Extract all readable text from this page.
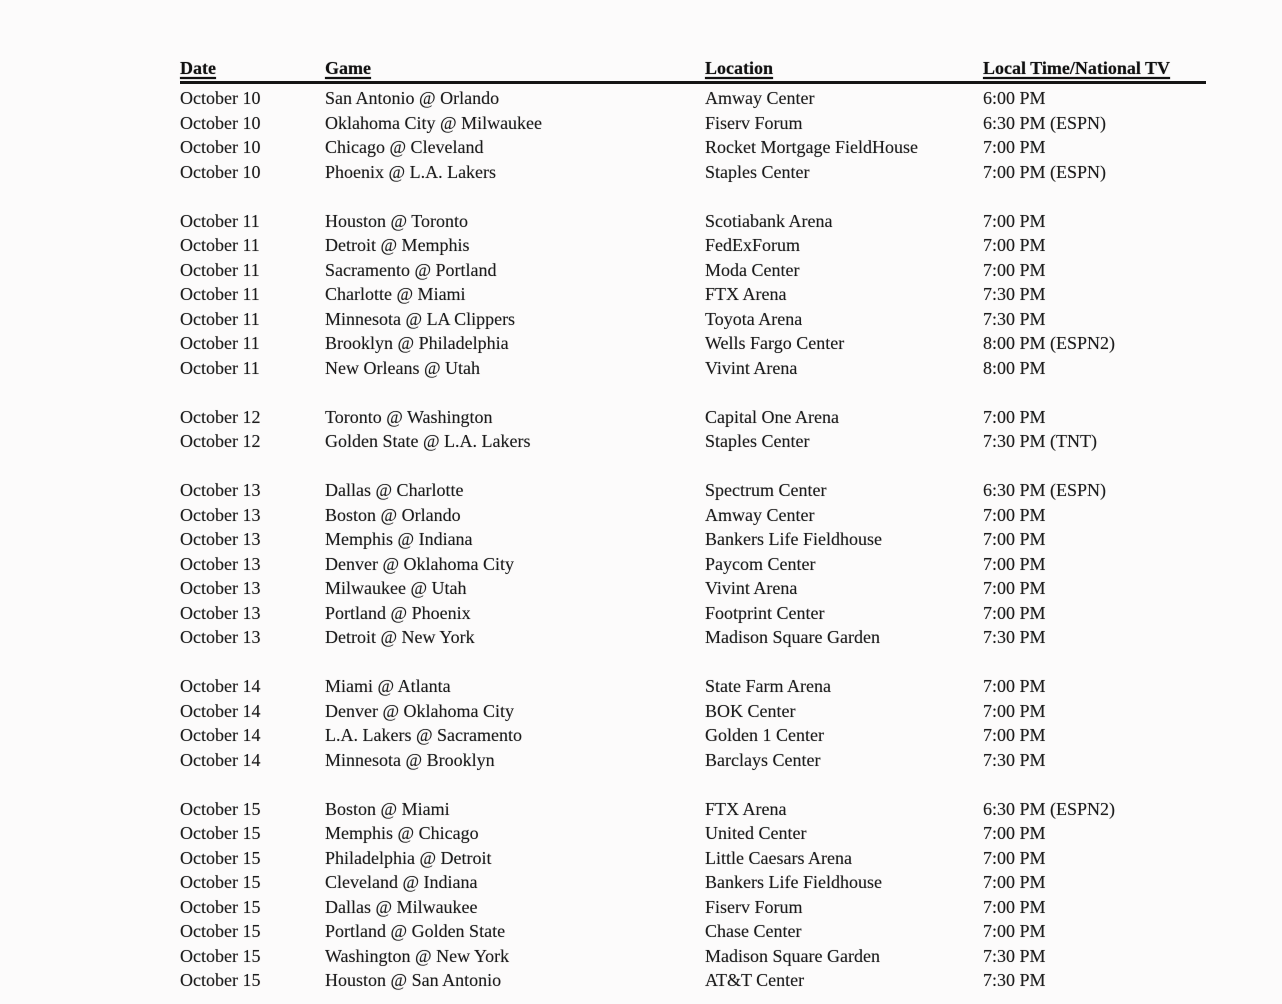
Date	Game	Location	Local Time/National TV
October 10	San Antonio @ Orlando	Amway Center	6:00 PM
October 10	Oklahoma City @ Milwaukee	Fiserv Forum	6:30 PM (ESPN)
October 10	Chicago @ Cleveland	Rocket Mortgage FieldHouse	7:00 PM
October 10	Phoenix @ L.A. Lakers	Staples Center	7:00 PM (ESPN)
October 11	Houston @ Toronto	Scotiabank Arena	7:00 PM
October 11	Detroit @ Memphis	FedExForum	7:00 PM
October 11	Sacramento @ Portland	Moda Center	7:00 PM
October 11	Charlotte @ Miami	FTX Arena	7:30 PM
October 11	Minnesota @ LA Clippers	Toyota Arena	7:30 PM
October 11	Brooklyn @ Philadelphia	Wells Fargo Center	8:00 PM (ESPN2)
October 11	New Orleans @ Utah	Vivint Arena	8:00 PM
October 12	Toronto @ Washington	Capital One Arena	7:00 PM
October 12	Golden State @ L.A. Lakers	Staples Center	7:30 PM (TNT)
October 13	Dallas @ Charlotte	Spectrum Center	6:30 PM (ESPN)
October 13	Boston @ Orlando	Amway Center	7:00 PM
October 13	Memphis @ Indiana	Bankers Life Fieldhouse	7:00 PM
October 13	Denver @ Oklahoma City	Paycom Center	7:00 PM
October 13	Milwaukee @ Utah	Vivint Arena	7:00 PM
October 13	Portland @ Phoenix	Footprint Center	7:00 PM
October 13	Detroit @ New York	Madison Square Garden	7:30 PM
October 14	Miami @ Atlanta	State Farm Arena	7:00 PM
October 14	Denver @ Oklahoma City	BOK Center	7:00 PM
October 14	L.A. Lakers @ Sacramento	Golden 1 Center	7:00 PM
October 14	Minnesota @ Brooklyn	Barclays Center	7:30 PM
October 15	Boston @ Miami	FTX Arena	6:30 PM (ESPN2)
October 15	Memphis @ Chicago	United Center	7:00 PM
October 15	Philadelphia @ Detroit	Little Caesars Arena	7:00 PM
October 15	Cleveland @ Indiana	Bankers Life Fieldhouse	7:00 PM
October 15	Dallas @ Milwaukee	Fiserv Forum	7:00 PM
October 15	Portland @ Golden State	Chase Center	7:00 PM
October 15	Washington @ New York	Madison Square Garden	7:30 PM
October 15	Houston @ San Antonio	AT&T Center	7:30 PM
